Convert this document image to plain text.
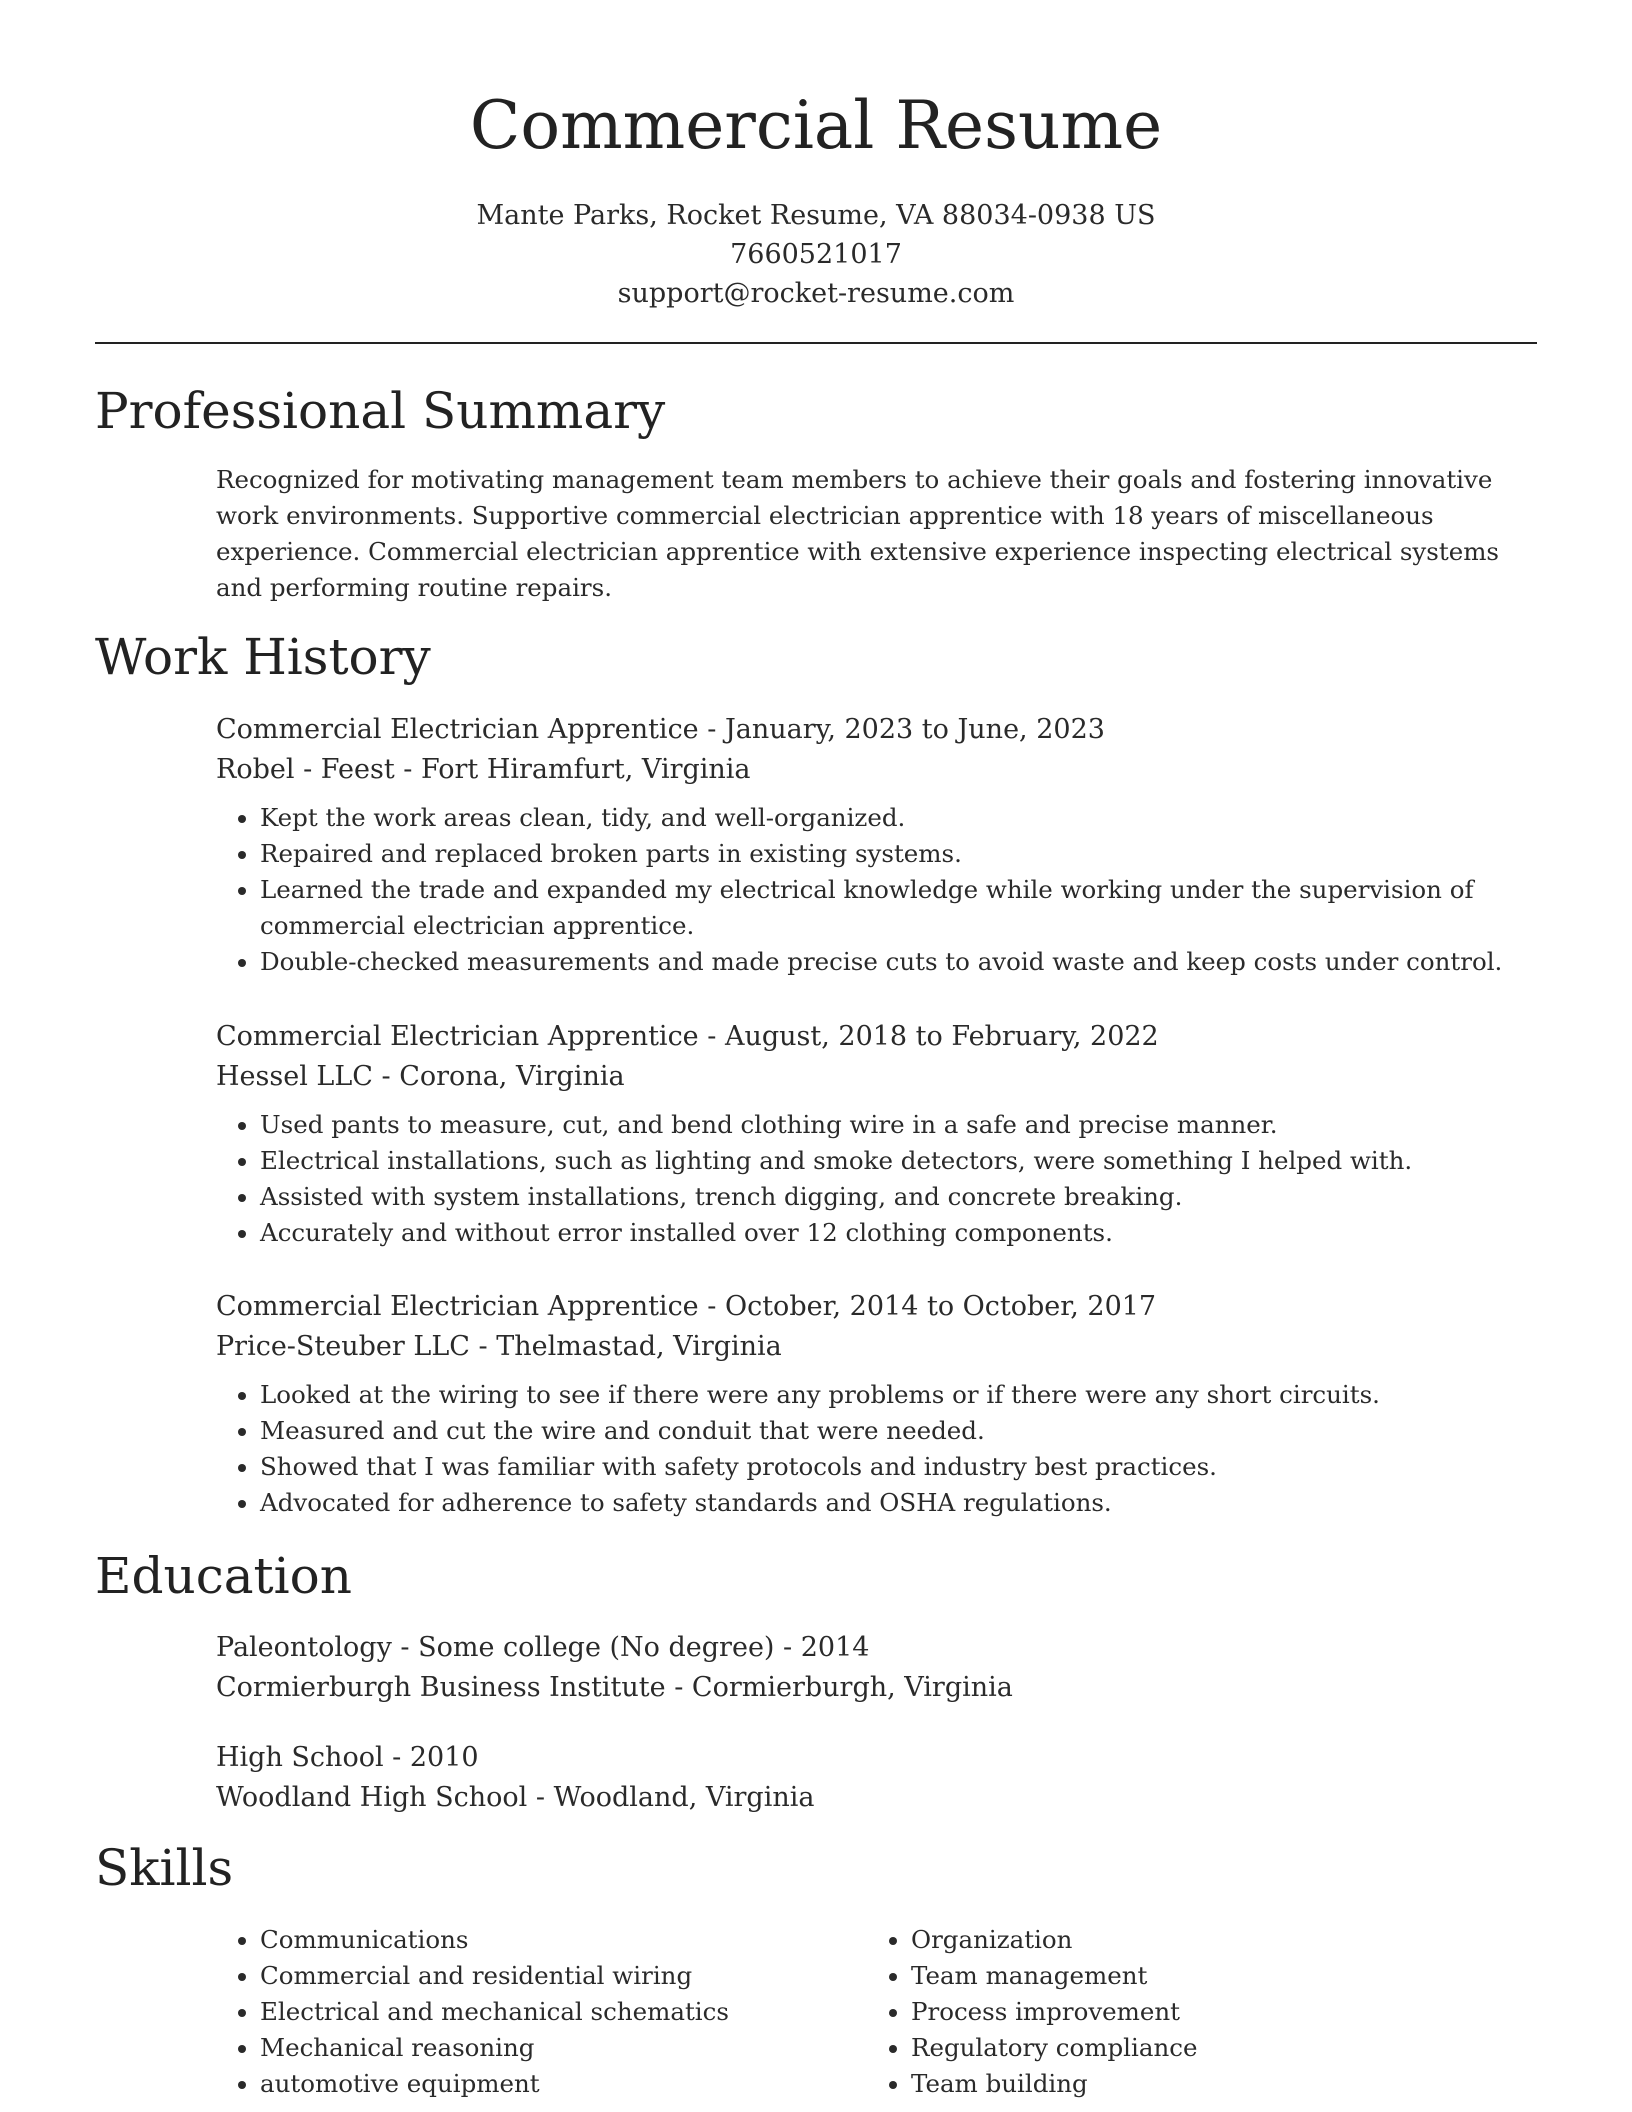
Commercial Resume
Mante Parks, Rocket Resume, VA 88034-0938 US
7660521017
support@rocket-resume.com
Professional Summary

Recognized for motivating management team members to achieve their goals and fostering innovative work environments. Supportive commercial electrician apprentice with 18 years of miscellaneous experience. Commercial electrician apprentice with extensive experience inspecting electrical systems and performing routine repairs.

Work History
Commercial Electrician Apprentice - January, 2023 to June, 2023
Robel - Feest - Fort Hiramfurt, Virginia
• Kept the work areas clean, tidy, and well-organized.
• Repaired and replaced broken parts in existing systems.
• Learned the trade and expanded my electrical knowledge while working under the supervision of commercial electrician apprentice.
• Double-checked measurements and made precise cuts to avoid waste and keep costs under control.
Commercial Electrician Apprentice - August, 2018 to February, 2022
Hessel LLC - Corona, Virginia
• Used pants to measure, cut, and bend clothing wire in a safe and precise manner.
• Electrical installations, such as lighting and smoke detectors, were something I helped with.
• Assisted with system installations, trench digging, and concrete breaking.
• Accurately and without error installed over 12 clothing components.
Commercial Electrician Apprentice - October, 2014 to October, 2017
Price-Steuber LLC - Thelmastad, Virginia
• Looked at the wiring to see if there were any problems or if there were any short circuits.
• Measured and cut the wire and conduit that were needed.
• Showed that I was familiar with safety protocols and industry best practices.
• Advocated for adherence to safety standards and OSHA regulations.
Education
Paleontology - Some college (No degree) - 2014
Cormierburgh Business Institute - Cormierburgh, Virginia
High School - 2010
Woodland High School - Woodland, Virginia
Skills
• Communications
• Commercial and residential wiring
• Electrical and mechanical schematics
• Mechanical reasoning
• automotive equipment
• Organization
• Team management
• Process improvement
• Regulatory compliance
• Team building
